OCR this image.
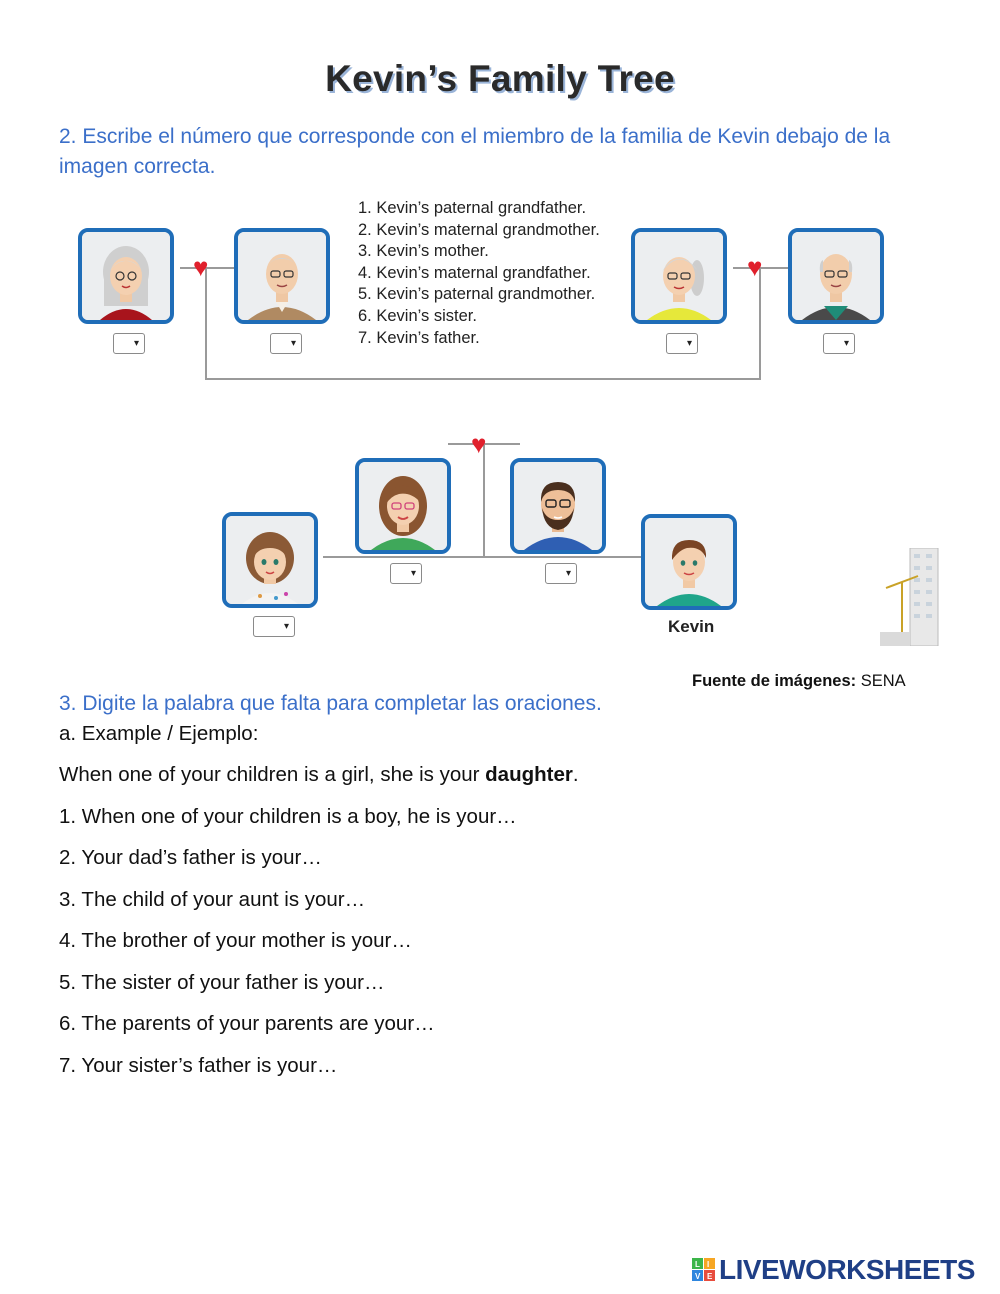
Kevin’s Family Tree
2. Escribe el número que corresponde con el miembro de la familia de Kevin debajo de la imagen correcta.
1. Kevin’s paternal grandfather.
2. Kevin’s maternal grandmother.
3. Kevin’s mother.
4. Kevin’s maternal grandfather.
5. Kevin’s paternal grandmother.
6. Kevin’s sister.
7. Kevin’s father.
♥	♥
♥
Kevin
▾	▾	▾	▾
▾	▾
▾
Fuente de imágenes: SENA
3. Digite la palabra que falta para completar las oraciones.
a. Example / Ejemplo:
When one of your children is a girl, she is your daughter.
1. When one of your children is a boy, he is your…
2. Your dad’s father is your…
3. The child of your aunt is your…
4. The brother of your mother is your…
5. The sister of your father is your…
6. The parents of your parents are your…
7. Your sister’s father is your…
L I
V E LIVEWORKSHEETS
